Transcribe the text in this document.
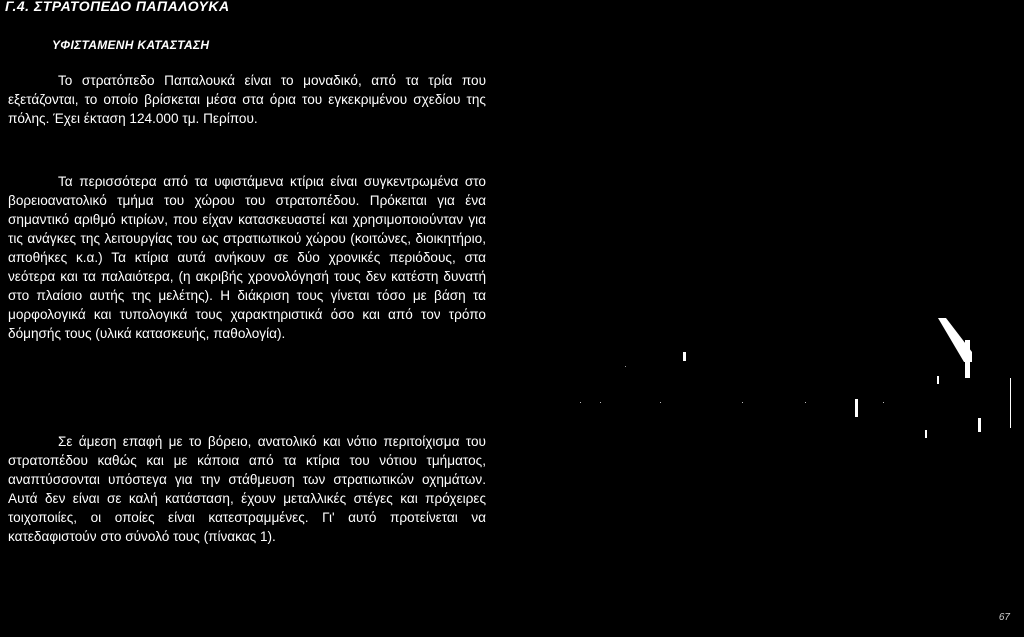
Γ.4. ΣΤΡΑΤΟΠΕΔΟ ΠΑΠΑΛΟΥΚΑ
ΥΦΙΣΤΑΜΕΝΗ ΚΑΤΑΣΤΑΣΗ

Το στρατόπεδο Παπαλουκά είναι το μοναδικό, από τα τρία που εξετάζονται, το οποίο βρίσκεται μέσα στα όρια του εγκεκριμένου σχεδίου της πόλης. Έχει έκταση 124.000 τμ. Περίπου.

Τα περισσότερα από τα υφιστάμενα κτίρια είναι συγκεντρωμένα στο βορειοανατολικό τμήμα του χώρου του στρατοπέδου. Πρόκειται για ένα σημαντικό αριθμό κτιρίων, που είχαν κατασκευαστεί και χρησιμοποιούνταν για τις ανάγκες της λειτουργίας του ως στρατιωτικού χώρου (κοιτώνες, διοικητήριο, αποθήκες κ.α.) Τα κτίρια αυτά ανήκουν σε δύο χρονικές περιόδους, στα νεότερα και τα παλαιότερα, (η ακριβής χρονολόγησή τους δεν κατέστη δυνατή στο πλαίσιο αυτής της μελέτης). Η διάκριση τους γίνεται τόσο με βάση τα μορφολογικά και τυπολογικά τους χαρακτηριστικά όσο και από τον τρόπο δόμησής τους (υλικά κατασκευής, παθολογία).

Σε άμεση επαφή με το βόρειο, ανατολικό και νότιο περιτοίχισμα του στρατοπέδου καθώς και με κάποια από τα κτίρια του νότιου τμήματος, αναπτύσσονται υπόστεγα για την στάθμευση των στρατιωτικών οχημάτων. Αυτά δεν είναι σε καλή κατάσταση, έχουν μεταλλικές στέγες και πρόχειρες τοιχοποιίες, οι οποίες είναι κατεστραμμένες. Γι' αυτό προτείνεται να κατεδαφιστούν στο σύνολό τους (πίνακας 1).

67
